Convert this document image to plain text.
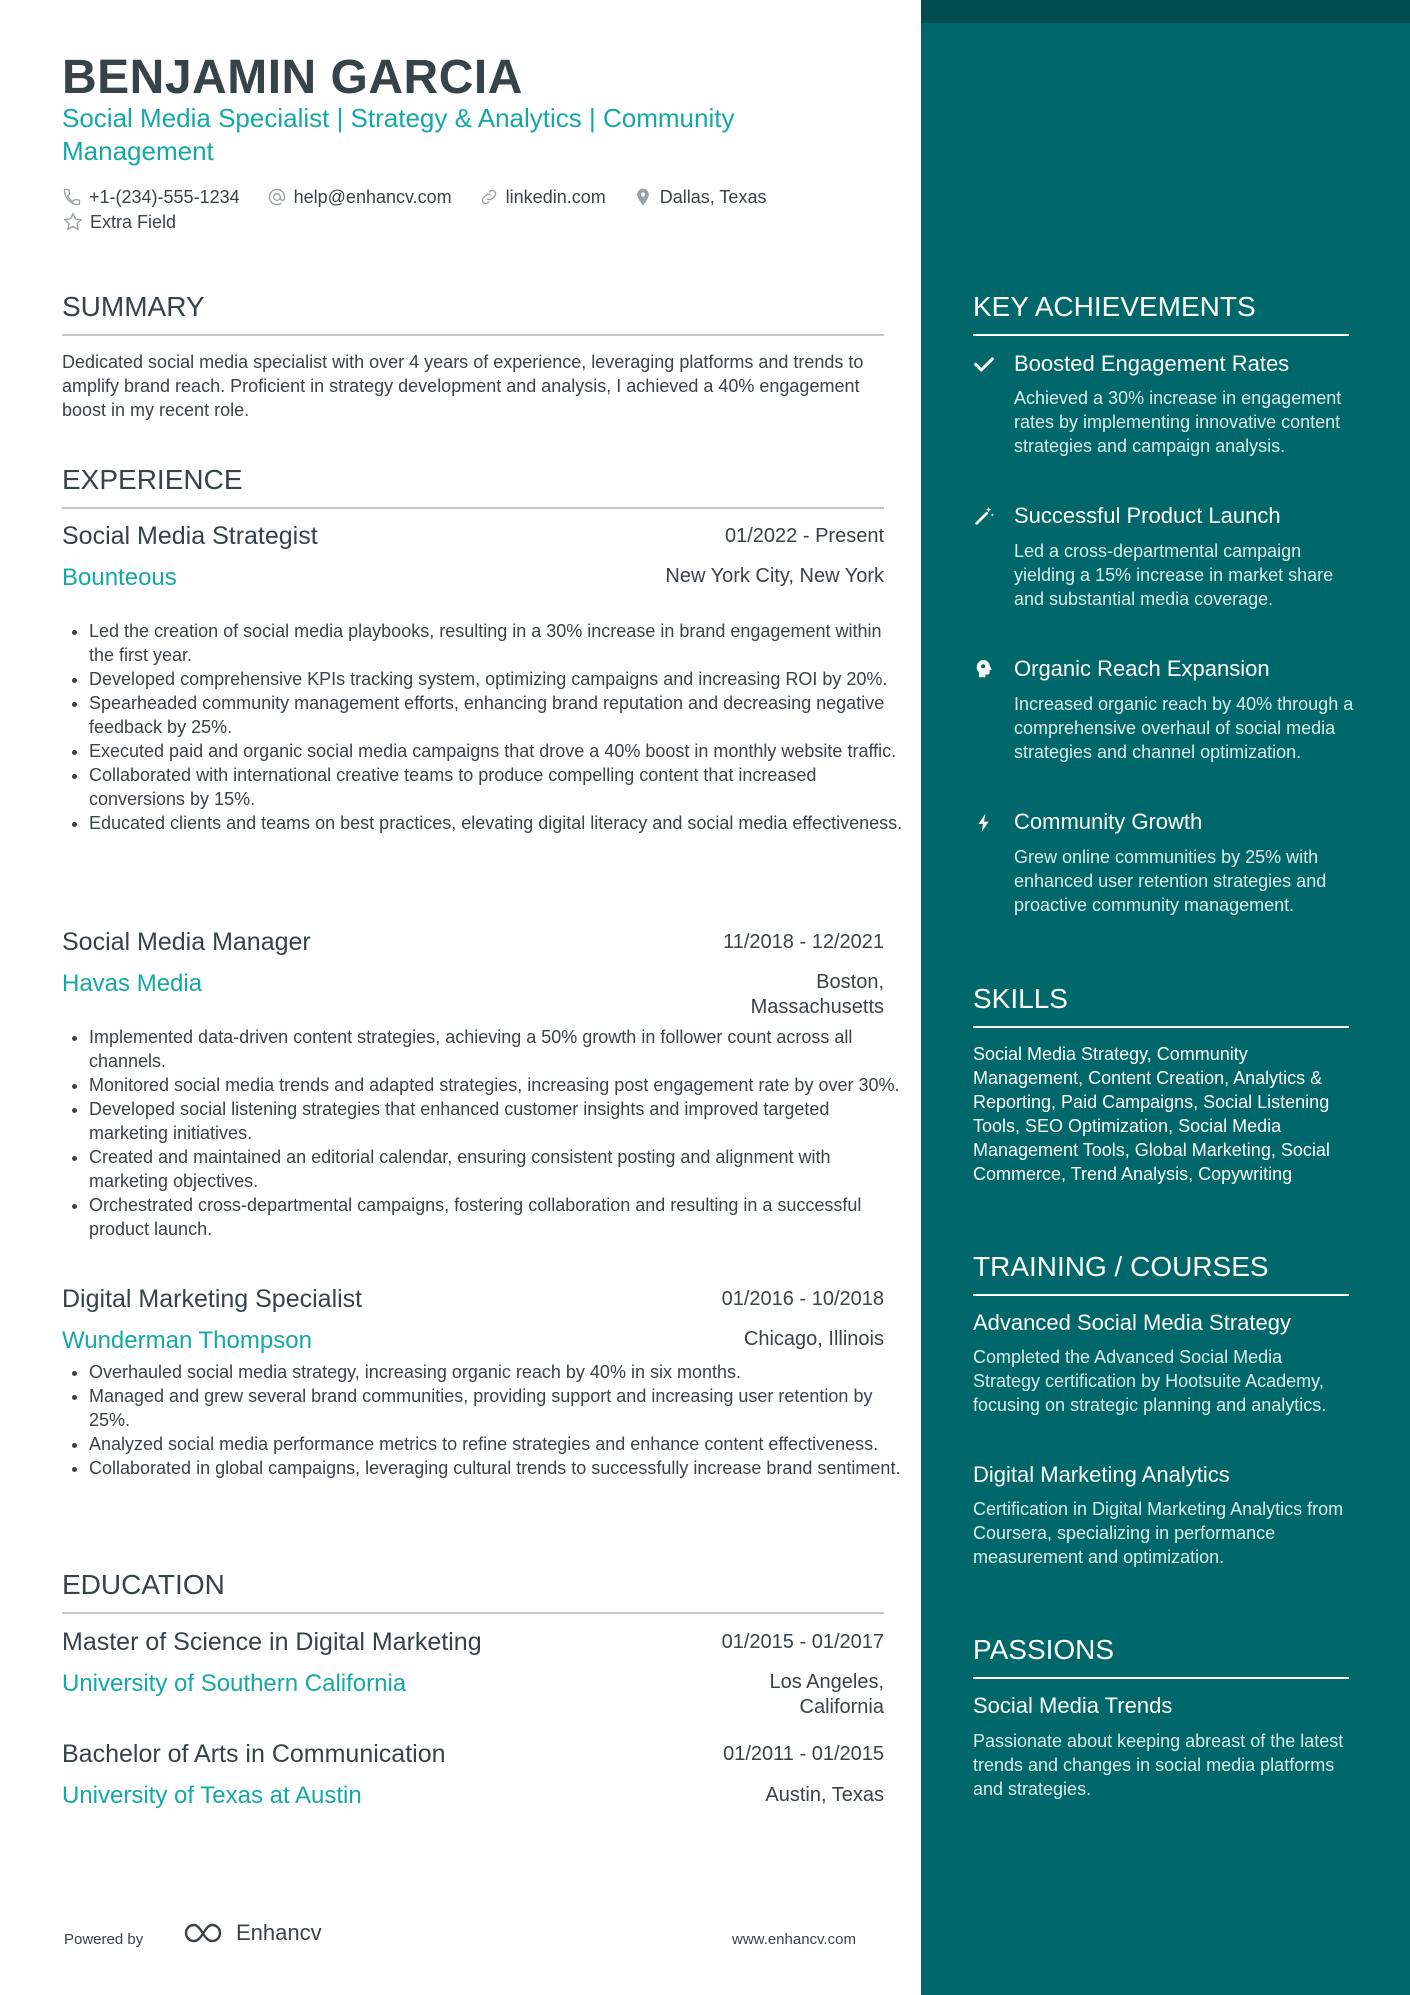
BENJAMIN GARCIA
Social Media Specialist | Strategy & Analytics | Community Management
+1-(234)-555-1234
	help@enhancv.com
	linkedin.com
	Dallas, Texas
Extra Field
SUMMARY
Dedicated social media specialist with over 4 years of experience, leveraging platforms and trends to amplify brand reach. Proficient in strategy development and analysis, I achieved a 40% engagement boost in my recent role.
EXPERIENCE
Social Media Strategist	01/2022 - Present
Bounteous	New York City, New York
• Led the creation of social media playbooks, resulting in a 30% increase in brand engagement within the first year.
• Developed comprehensive KPIs tracking system, optimizing campaigns and increasing ROI by 20%.
• Spearheaded community management efforts, enhancing brand reputation and decreasing negative feedback by 25%.
• Executed paid and organic social media campaigns that drove a 40% boost in monthly website traffic.
• Collaborated with international creative teams to produce compelling content that increased conversions by 15%.
• Educated clients and teams on best practices, elevating digital literacy and social media effectiveness.
Social Media Manager	11/2018 - 12/2021
Havas Media	Boston, Massachusetts
• Implemented data-driven content strategies, achieving a 50% growth in follower count across all channels.
• Monitored social media trends and adapted strategies, increasing post engagement rate by over 30%.
• Developed social listening strategies that enhanced customer insights and improved targeted marketing initiatives.
• Created and maintained an editorial calendar, ensuring consistent posting and alignment with marketing objectives.
• Orchestrated cross-departmental campaigns, fostering collaboration and resulting in a successful product launch.
Digital Marketing Specialist	01/2016 - 10/2018
Wunderman Thompson	Chicago, Illinois
• Overhauled social media strategy, increasing organic reach by 40% in six months.
• Managed and grew several brand communities, providing support and increasing user retention by 25%.
• Analyzed social media performance metrics to refine strategies and enhance content effectiveness.
• Collaborated in global campaigns, leveraging cultural trends to successfully increase brand sentiment.
EDUCATION
Master of Science in Digital Marketing	01/2015 - 01/2017
University of Southern California	Los Angeles, California
Bachelor of Arts in Communication	01/2011 - 01/2015
University of Texas at Austin	Austin, Texas
KEY ACHIEVEMENTS
Boosted Engagement Rates
Achieved a 30% increase in engagement rates by implementing innovative content strategies and campaign analysis.
Successful Product Launch
Led a cross-departmental campaign yielding a 15% increase in market share and substantial media coverage.
Organic Reach Expansion
Increased organic reach by 40% through a comprehensive overhaul of social media strategies and channel optimization.
Community Growth
Grew online communities by 25% with enhanced user retention strategies and proactive community management.
SKILLS
Social Media Strategy, Community Management, Content Creation, Analytics & Reporting, Paid Campaigns, Social Listening Tools, SEO Optimization, Social Media Management Tools, Global Marketing, Social Commerce, Trend Analysis, Copywriting
TRAINING / COURSES
Advanced Social Media Strategy
Completed the Advanced Social Media Strategy certification by Hootsuite Academy, focusing on strategic planning and analytics.
Digital Marketing Analytics
Certification in Digital Marketing Analytics from Coursera, specializing in performance measurement and optimization.
PASSIONS
Social Media Trends
Passionate about keeping abreast of the latest trends and changes in social media platforms and strategies.
Powered by	Enhancv	www.enhancv.com
